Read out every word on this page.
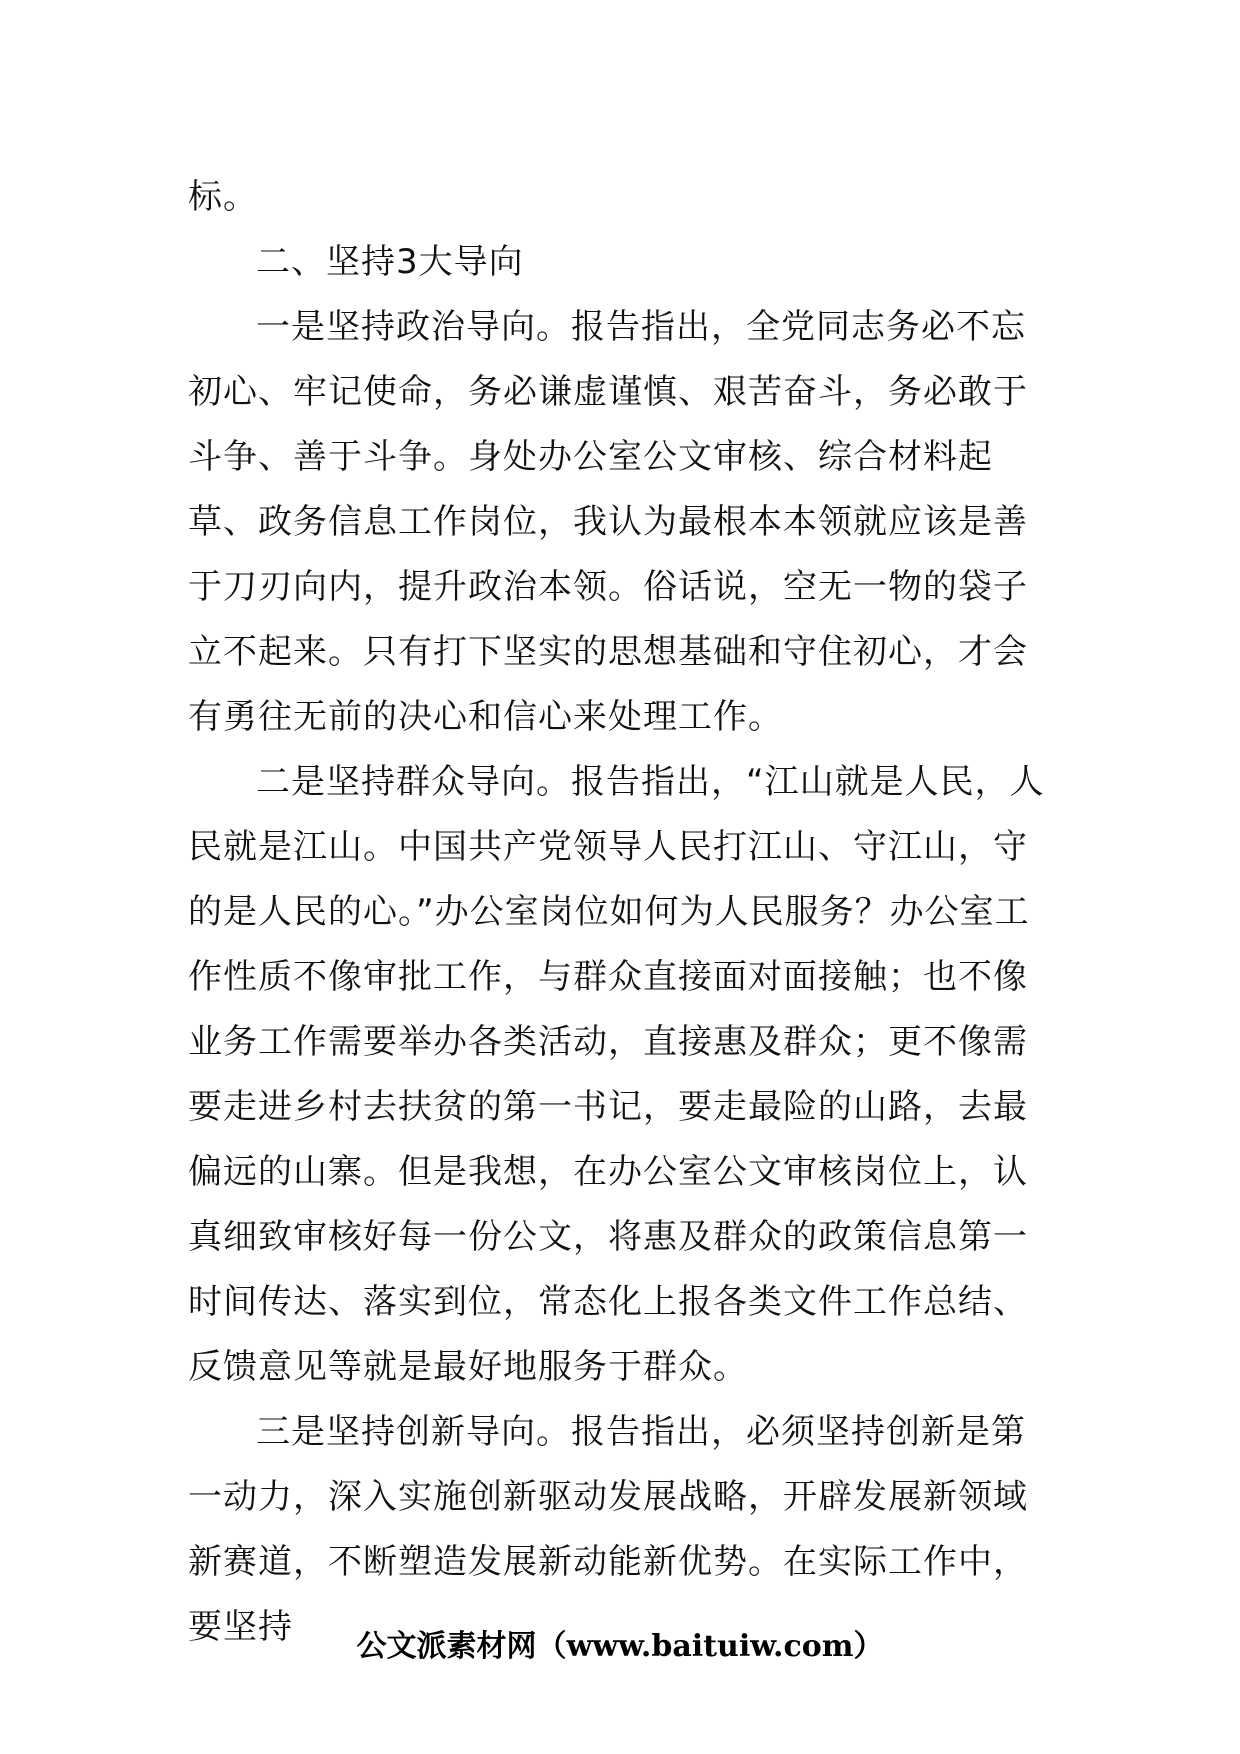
标。

二、坚持3大导向

一是坚持政治导向。报告指出，全党同志务必不忘初心、牢记使命，务必谦虚谨慎、艰苦奋斗，务必敢于斗争、善于斗争。身处办公室公文审核、综合材料起草、政务信息工作岗位，我认为最根本本领就应该是善于刀刃向内，提升政治本领。俗话说，空无一物的袋子立不起来。只有打下坚实的思想基础和守住初心，才会有勇往无前的决心和信心来处理工作。

二是坚持群众导向。报告指出，“江山就是人民，人民就是江山。中国共产党领导人民打江山、守江山，守的是人民的心。”办公室岗位如何为人民服务？办公室工作性质不像审批工作，与群众直接面对面接触；也不像业务工作需要举办各类活动，直接惠及群众；更不像需要走进乡村去扶贫的第一书记，要走最险的山路，去最偏远的山寨。但是我想，在办公室公文审核岗位上，认真细致审核好每一份公文，将惠及群众的政策信息第一时间传达、落实到位，常态化上报各类文件工作总结、反馈意见等就是最好地服务于群众。

三是坚持创新导向。报告指出，必须坚持创新是第一动力，深入实施创新驱动发展战略，开辟发展新领域新赛道，不断塑造发展新动能新优势。在实际工作中，要坚持	公文派素材网（www.baituiw.com）
